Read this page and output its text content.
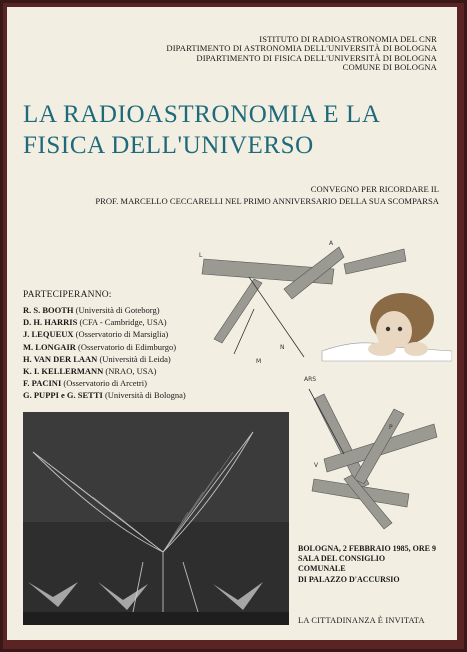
ISTITUTO DI RADIOASTRONOMIA DEL CNR
DIPARTIMENTO DI ASTRONOMIA DELL'UNIVERSITÀ DI BOLOGNA
DIPARTIMENTO DI FISICA DELL'UNIVERSITÀ DI BOLOGNA
COMUNE DI BOLOGNA
LA RADIOASTRONOMIA E LA
FISICA DELL'UNIVERSO
CONVEGNO PER RICORDARE IL
PROF. MARCELLO CECCARELLI NEL PRIMO ANNIVERSARIO DELLA SUA SCOMPARSA
PARTECIPERANNO:
R. S. BOOTH (Università di Goteborg)
D. H. HARRIS (CFA - Cambridge, USA)
J. LEQUEUX (Osservatorio di Marsiglia)
M. LONGAIR (Osservatorio di Edimburgo)
H. VAN DER LAAN (Università di Leida)
K. I. KELLERMANN (NRAO, USA)
F. PACINI (Osservatorio di Arcetri)
G. PUPPI e G. SETTI (Università di Bologna)
L
A
M
N
ARS
P
V
BOLOGNA, 2 FEBBRAIO 1985, ORE 9
SALA DEL CONSIGLIO
COMUNALE
DI PALAZZO D'ACCURSIO
LA CITTADINANZA È INVITATA
